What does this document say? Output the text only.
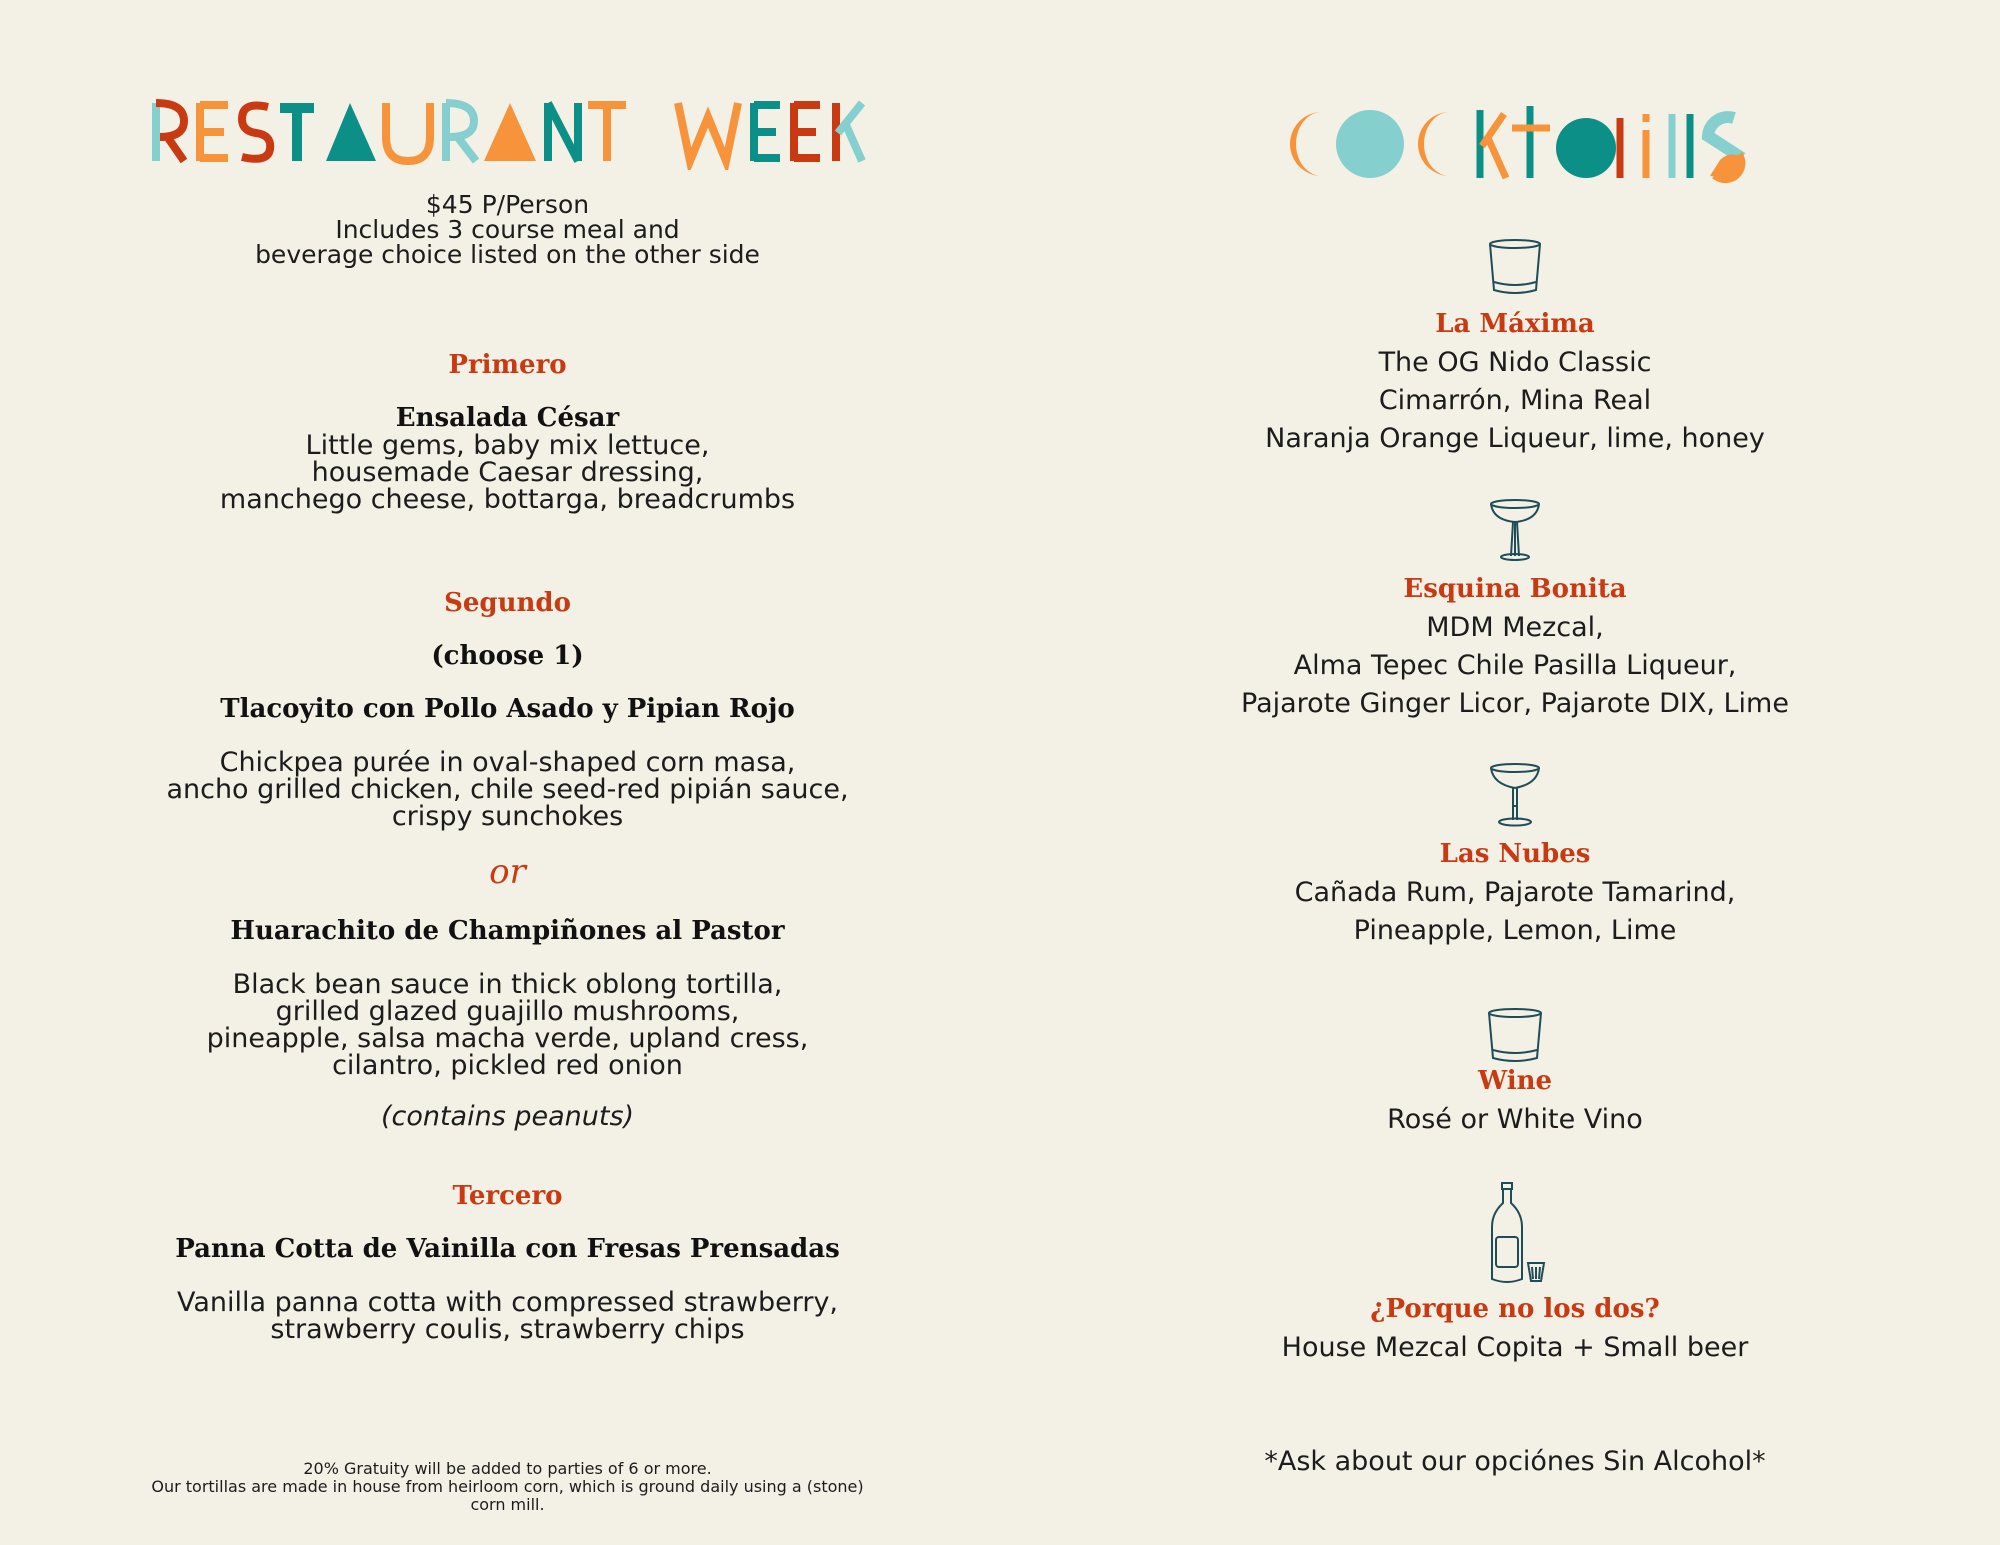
$45 P/Person
Includes 3 course meal and
beverage choice listed on the other side
Primero
Ensalada César
Little gems, baby mix lettuce,
housemade Caesar dressing,
manchego cheese, bottarga, breadcrumbs
Segundo
(choose 1)
Tlacoyito con Pollo Asado y Pipian Rojo
Chickpea purée in oval-shaped corn masa,
ancho grilled chicken, chile seed-red pipián sauce,
crispy sunchokes
or
Huarachito de Champiñones al Pastor
Black bean sauce in thick oblong tortilla,
grilled glazed guajillo mushrooms,
pineapple, salsa macha verde, upland cress,
cilantro, pickled red onion
(contains peanuts)
Tercero
Panna Cotta de Vainilla con Fresas Prensadas
Vanilla panna cotta with compressed strawberry,
strawberry coulis, strawberry chips
20% Gratuity will be added to parties of 6 or more.
Our tortillas are made in house from heirloom corn, which is ground daily using a (stone)
corn mill.
La Máxima
The OG Nido Classic
Cimarrón, Mina Real
Naranja Orange Liqueur, lime, honey
Esquina Bonita
MDM Mezcal,
Alma Tepec Chile Pasilla Liqueur,
Pajarote Ginger Licor, Pajarote DIX, Lime
Las Nubes
Cañada Rum, Pajarote Tamarind,
Pineapple, Lemon, Lime
Wine
Rosé or White Vino
¿Porque no los dos?
House Mezcal Copita + Small beer
*Ask about our opciónes Sin Alcohol*
